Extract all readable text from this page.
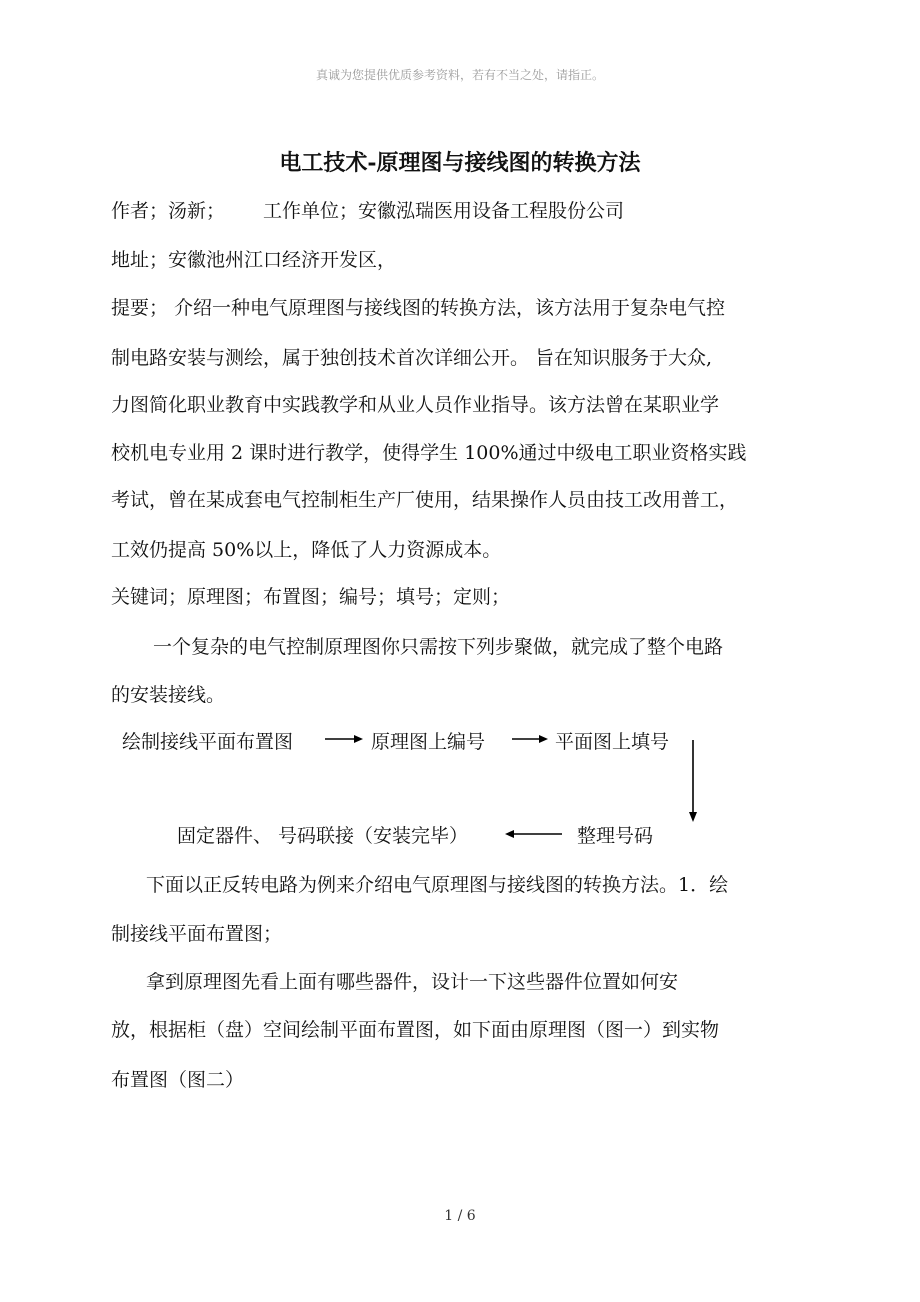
真诚为您提供优质参考资料，若有不当之处，请指正。
电工技术-原理图与接线图的转换方法
作者；汤新； 工作单位；安徽泓瑞医用设备工程股份公司
地址；安徽池州江口经济开发区，
提要； 介绍一种电气原理图与接线图的转换方法，该方法用于复杂电气控
制电路安装与测绘，属于独创技术首次详细公开。 旨在知识服务于大众,
力图简化职业教育中实践教学和从业人员作业指导。该方法曾在某职业学
校机电专业用 2 课时进行教学，使得学生 100%通过中级电工职业资格实践
考试，曾在某成套电气控制柜生产厂使用，结果操作人员由技工改用普工，
工效仍提高 50%以上，降低了人力资源成本。
关键词；原理图；布置图；编号；填号；定则；
一个复杂的电气控制原理图你只需按下列步聚做，就完成了整个电路
的安装接线。
绘制接线平面布置图	原理图上编号	平面图上填号
整理号码
固定器件、 号码联接（安装完毕）
下面以正反转电路为例来介绍电气原理图与接线图的转换方法。1．绘
制接线平面布置图；
拿到原理图先看上面有哪些器件，设计一下这些器件位置如何安
放，根据柜（盘）空间绘制平面布置图，如下面由原理图（图一）到实物
布置图（图二）
1 / 6
